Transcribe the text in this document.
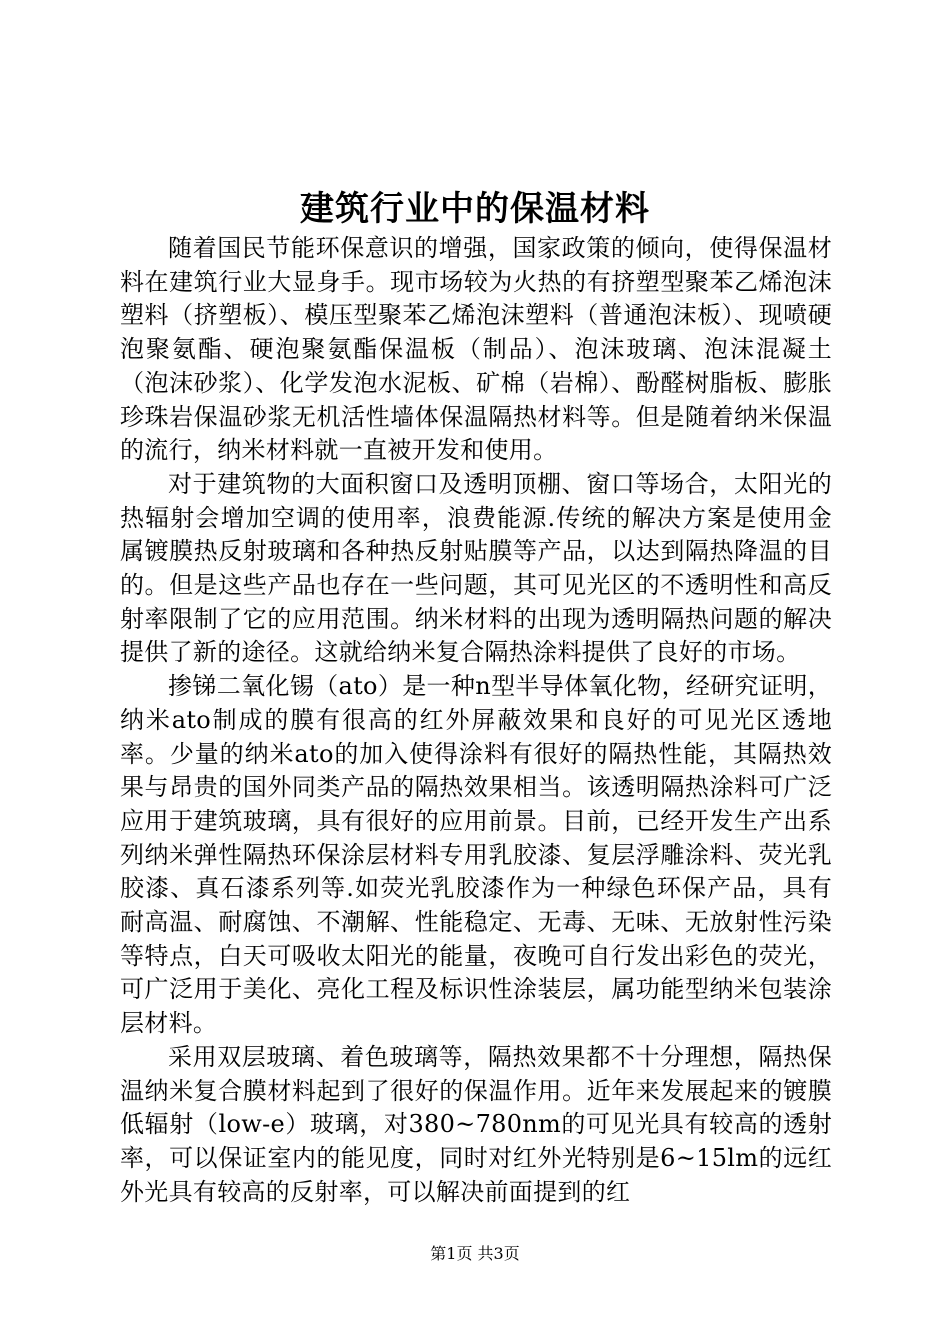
建筑行业中的保温材料

随着国民节能环保意识的增强，国家政策的倾向，使得保温材料在建筑行业大显身手。现市场较为火热的有挤塑型聚苯乙烯泡沫塑料（挤塑板）、模压型聚苯乙烯泡沫塑料（普通泡沫板）、现喷硬泡聚氨酯、硬泡聚氨酯保温板（制品）、泡沫玻璃、泡沫混凝土（泡沫砂浆）、化学发泡水泥板、矿棉（岩棉）、酚醛树脂板、膨胀珍珠岩保温砂浆无机活性墙体保温隔热材料等。但是随着纳米保温的流行，纳米材料就一直被开发和使用。

对于建筑物的大面积窗口及透明顶棚、窗口等场合，太阳光的热辐射会增加空调的使用率，浪费能源.传统的解决方案是使用金属镀膜热反射玻璃和各种热反射贴膜等产品，以达到隔热降温的目的。但是这些产品也存在一些问题，其可见光区的不透明性和高反射率限制了它的应用范围。纳米材料的出现为透明隔热问题的解决提供了新的途径。这就给纳米复合隔热涂料提供了良好的市场。

掺锑二氧化锡（ato）是一种n型半导体氧化物，经研究证明，纳米ato制成的膜有很高的红外屏蔽效果和良好的可见光区透地率。少量的纳米ato的加入使得涂料有很好的隔热性能，其隔热效果与昂贵的国外同类产品的隔热效果相当。该透明隔热涂料可广泛应用于建筑玻璃，具有很好的应用前景。目前，已经开发生产出系列纳米弹性隔热环保涂层材料专用乳胶漆、复层浮雕涂料、荧光乳胶漆、真石漆系列等.如荧光乳胶漆作为一种绿色环保产品，具有耐高温、耐腐蚀、不潮解、性能稳定、无毒、无味、无放射性污染等特点，白天可吸收太阳光的能量，夜晚可自行发出彩色的荧光，可广泛用于美化、亮化工程及标识性涂装层，属功能型纳米包装涂层材料。

采用双层玻璃、着色玻璃等，隔热效果都不十分理想，隔热保温纳米复合膜材料起到了很好的保温作用。近年来发展起来的镀膜低辐射（low-e）玻璃，对380~780nm的可见光具有较高的透射率，可以保证室内的能见度，同时对红外光特别是6~15lm的远红外光具有较高的反射率，可以解决前面提到的红

第1页 共3页
